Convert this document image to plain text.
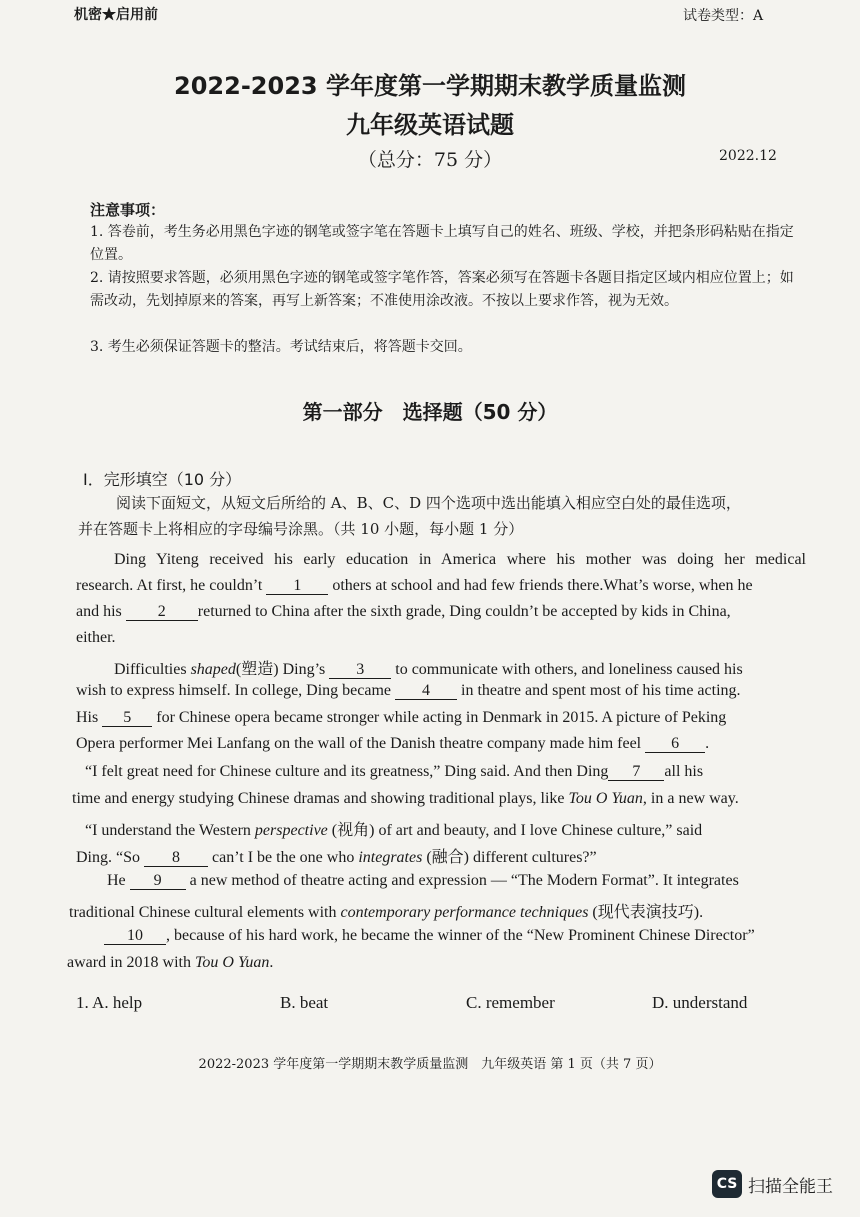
机密★启用前	试卷类型：A
2022-2023 学年度第一学期期末教学质量监测
九年级英语试题
（总分：75 分）	2022.12
注意事项：
1. 答卷前，考生务必用黑色字迹的钢笔或签字笔在答题卡上填写自己的姓名、班级、学校，并把条形码粘贴在指定位置。
2. 请按照要求答题，必须用黑色字迹的钢笔或签字笔作答，答案必须写在答题卡各题目指定区域内相应位置上；如需改动，先划掉原来的答案，再写上新答案；不准使用涂改液。不按以上要求作答，视为无效。
3. 考生必须保证答题卡的整洁。考试结束后，将答题卡交回。
第一部分　选择题（50 分）
I．完形填空（10 分）
阅读下面短文，从短文后所给的 A、B、C、D 四个选项中选出能填入相应空白处的最佳选项，
并在答题卡上将相应的字母编号涂黑。（共 10 小题，每小题 1 分）
Ding Yiteng received his early education in America where his mother was doing her medical
research. At first, he couldn’t 1 others at school and had few friends there.What’s worse, when he
and his 2 returned to China after the sixth grade, Ding couldn’t be accepted by kids in China,
either.
Difficulties shaped(塑造) Ding’s 3 to communicate with others, and loneliness caused his
wish to express himself. In college, Ding became 4 in theatre and spent most of his time acting.
His 5 for Chinese opera became stronger while acting in Denmark in 2015. A picture of Peking
Opera performer Mei Lanfang on the wall of the Danish theatre company made him feel 6 .
“I felt great need for Chinese culture and its greatness,” Ding said. And then Ding 7 all his
time and energy studying Chinese dramas and showing traditional plays, like Tou O Yuan, in a new way.
“I understand the Western perspective (视角) of art and beauty, and I love Chinese culture,” said
Ding. “So 8 can’t I be the one who integrates (融合) different cultures?”
He 9 a new method of theatre acting and expression — “The Modern Format”. It integrates
traditional Chinese cultural elements with contemporary performance techniques (现代表演技巧).
10 , because of his hard work, he became the winner of the “New Prominent Chinese Director”
award in 2018 with Tou O Yuan.
1. A. help	B. beat	C. remember	D. understand
2022-2023 学年度第一学期期末教学质量监测　九年级英语 第 1 页（共 7 页）
CS 扫描全能王
